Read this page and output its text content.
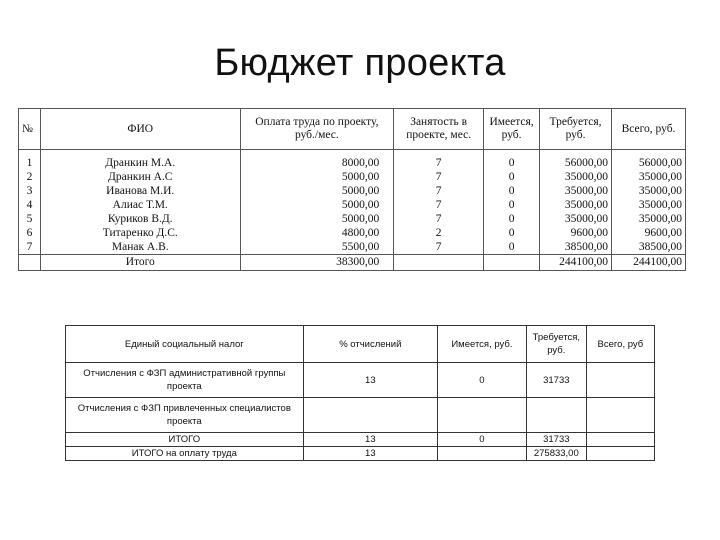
Бюджет проекта
№	ФИО	Оплата труда по проекту, руб./мес.	Занятость в проекте, мес.	Имеется, руб.	Требуется, руб.	Всего, руб.
1	Дранкин М.А.	8000,00	7	0	56000,00	56000,00
2	Дранкин А.С	5000,00	7	0	35000,00	35000,00
3	Иванова М.И.	5000,00	7	0	35000,00	35000,00
4	Алиас Т.М.	5000,00	7	0	35000,00	35000,00
5	Куриков В.Д.	5000,00	7	0	35000,00	35000,00
6	Титаренко Д.С.	4800,00	2	0	9600,00	9600,00
7	Манак А.В.	5500,00	7	0	38500,00	38500,00
	Итого	38300,00			244100,00	244100,00
Единый социальный налог	% отчислений	Имеется, руб.	Требуется, руб.	Всего, руб
Отчисления с ФЗП административной группы проекта	13	0	31733	
Отчисления с ФЗП привлеченных специалистов проекта				
ИТОГО	13	0	31733	
ИТОГО на оплату труда	13		275833,00	
